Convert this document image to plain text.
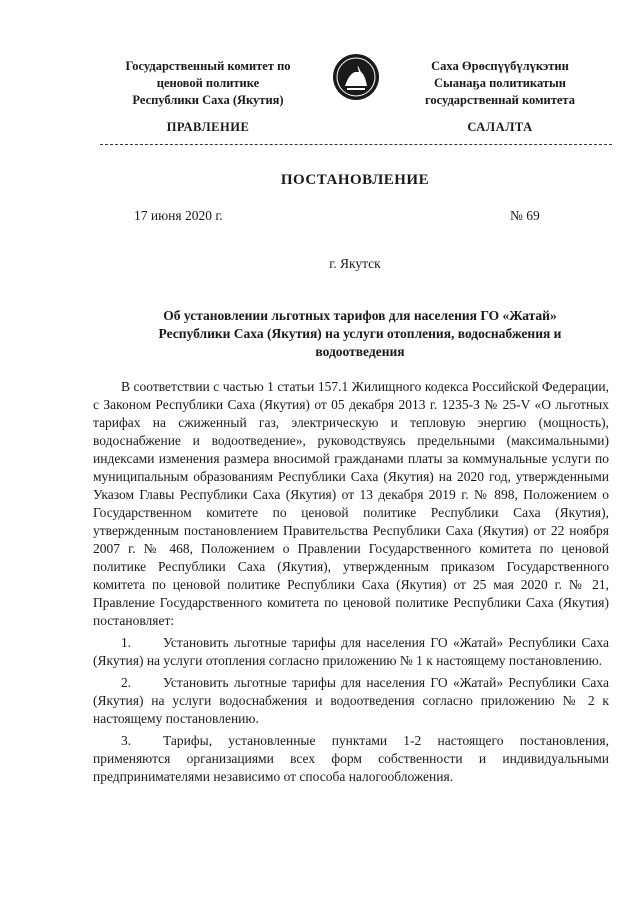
Государственный комитет по
ценовой политике
Республики Саха (Якутия)
Саха Өрөспүүбүлүкэтин
Сыанаҕа политикатын
государственнай комитета
ПРАВЛЕНИЕ	САЛАЛТА
ПОСТАНОВЛЕНИЕ
17 июня 2020 г.	№ 69
г. Якутск
Об установлении льготных тарифов для населения ГО «Жатай»
Республики Саха (Якутия) на услуги отопления, водоснабжения и
водоотведения

В соответствии с частью 1 статьи 157.1 Жилищного кодекса Российской Федерации, с Законом Республики Саха (Якутия) от 05 декабря 2013 г. 1235-З № 25-V «О льготных тарифах на сжиженный газ, электрическую и тепловую энергию (мощность), водоснабжение и водоотведение», руководствуясь предельными (максимальными) индексами изменения размера вносимой гражданами платы за коммунальные услуги по муниципальным образованиям Республики Саха (Якутия) на 2020 год, утвержденными Указом Главы Республики Саха (Якутия) от 13 декабря 2019 г. № 898, Положением о Государственном комитете по ценовой политике Республики Саха (Якутия), утвержденным постановлением Правительства Республики Саха (Якутия) от 22 ноября 2007 г. № 468, Положением о Правлении Государственного комитета по ценовой политике Республики Саха (Якутия), утвержденным приказом Государственного комитета по ценовой политике Республики Саха (Якутия) от 25 мая 2020 г. № 21, Правление Государственного комитета по ценовой политике Республики Саха (Якутия) постановляет:

1. Установить льготные тарифы для населения ГО «Жатай» Республики Саха (Якутия) на услуги отопления согласно приложению № 1 к настоящему постановлению.

2. Установить льготные тарифы для населения ГО «Жатай» Республики Саха (Якутия) на услуги водоснабжения и водоотведения согласно приложению № 2 к настоящему постановлению.

3. Тарифы, установленные пунктами 1-2 настоящего постановления, применяются организациями всех форм собственности и индивидуальными предпринимателями независимо от способа налогообложения.
